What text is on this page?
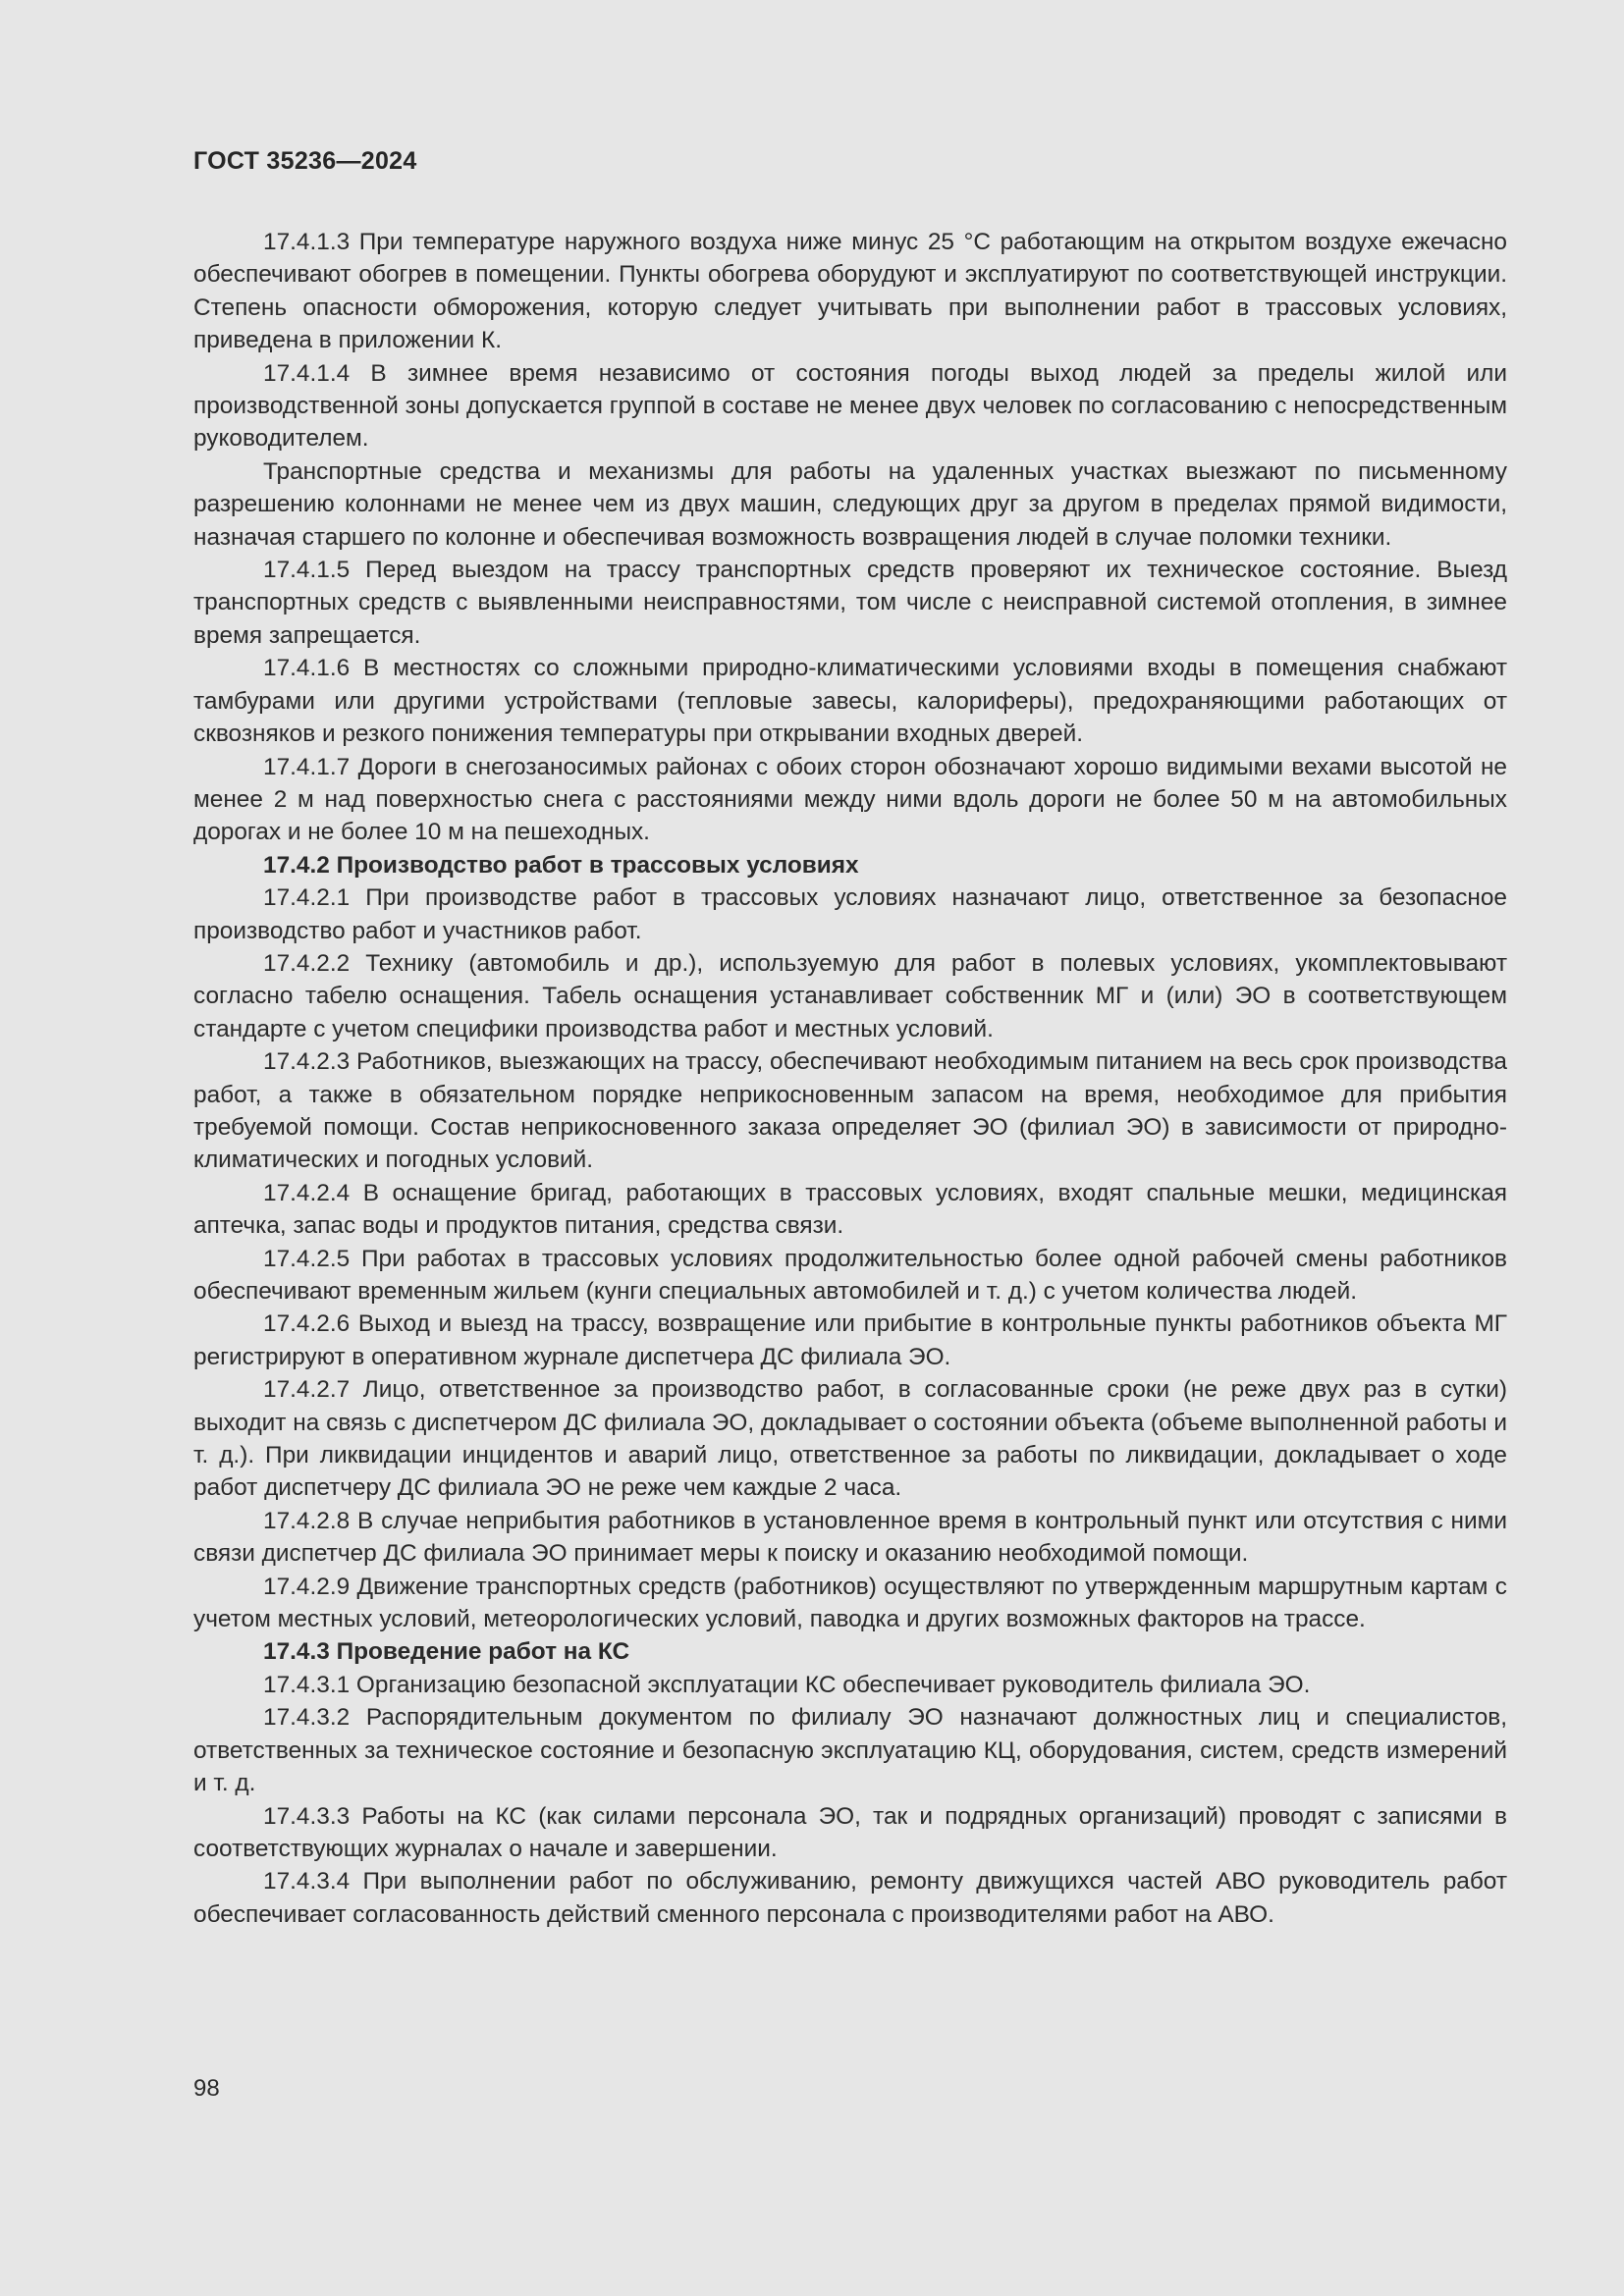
ГОСТ 35236—2024

17.4.1.3 При температуре наружного воздуха ниже минус 25 °С работающим на открытом воздухе ежечасно обеспечивают обогрев в помещении. Пункты обогрева оборудуют и эксплуатируют по соответствующей инструкции. Степень опасности обморожения, которую следует учитывать при выполнении работ в трассовых условиях, приведена в приложении К.

17.4.1.4 В зимнее время независимо от состояния погоды выход людей за пределы жилой или производственной зоны допускается группой в составе не менее двух человек по согласованию с непосредственным руководителем.

Транспортные средства и механизмы для работы на удаленных участках выезжают по письменному разрешению колоннами не менее чем из двух машин, следующих друг за другом в пределах прямой видимости, назначая старшего по колонне и обеспечивая возможность возвращения людей в случае поломки техники.

17.4.1.5 Перед выездом на трассу транспортных средств проверяют их техническое состояние. Выезд транспортных средств с выявленными неисправностями, том числе с неисправной системой отопления, в зимнее время запрещается.

17.4.1.6 В местностях со сложными природно-климатическими условиями входы в помещения снабжают тамбурами или другими устройствами (тепловые завесы, калориферы), предохраняющими работающих от сквозняков и резкого понижения температуры при открывании входных дверей.

17.4.1.7 Дороги в снегозаносимых районах с обоих сторон обозначают хорошо видимыми вехами высотой не менее 2 м над поверхностью снега с расстояниями между ними вдоль дороги не более 50 м на автомобильных дорогах и не более 10 м на пешеходных.

17.4.2 Производство работ в трассовых условиях

17.4.2.1 При производстве работ в трассовых условиях назначают лицо, ответственное за безопасное производство работ и участников работ.

17.4.2.2 Технику (автомобиль и др.), используемую для работ в полевых условиях, укомплектовывают согласно табелю оснащения. Табель оснащения устанавливает собственник МГ и (или) ЭО в соответствующем стандарте с учетом специфики производства работ и местных условий.

17.4.2.3 Работников, выезжающих на трассу, обеспечивают необходимым питанием на весь срок производства работ, а также в обязательном порядке неприкосновенным запасом на время, необходимое для прибытия требуемой помощи. Состав неприкосновенного заказа определяет ЭО (филиал ЭО) в зависимости от природно-климатических и погодных условий.

17.4.2.4 В оснащение бригад, работающих в трассовых условиях, входят спальные мешки, медицинская аптечка, запас воды и продуктов питания, средства связи.

17.4.2.5 При работах в трассовых условиях продолжительностью более одной рабочей смены работников обеспечивают временным жильем (кунги специальных автомобилей и т. д.) с учетом количества людей.

17.4.2.6 Выход и выезд на трассу, возвращение или прибытие в контрольные пункты работников объекта МГ регистрируют в оперативном журнале диспетчера ДС филиала ЭО.

17.4.2.7 Лицо, ответственное за производство работ, в согласованные сроки (не реже двух раз в сутки) выходит на связь с диспетчером ДС филиала ЭО, докладывает о состоянии объекта (объеме выполненной работы и т. д.). При ликвидации инцидентов и аварий лицо, ответственное за работы по ликвидации, докладывает о ходе работ диспетчеру ДС филиала ЭО не реже чем каждые 2 часа.

17.4.2.8 В случае неприбытия работников в установленное время в контрольный пункт или отсутствия с ними связи диспетчер ДС филиала ЭО принимает меры к поиску и оказанию необходимой помощи.

17.4.2.9 Движение транспортных средств (работников) осуществляют по утвержденным маршрутным картам с учетом местных условий, метеорологических условий, паводка и других возможных факторов на трассе.

17.4.3 Проведение работ на КС

17.4.3.1 Организацию безопасной эксплуатации КС обеспечивает руководитель филиала ЭО.

17.4.3.2 Распорядительным документом по филиалу ЭО назначают должностных лиц и специалистов, ответственных за техническое состояние и безопасную эксплуатацию КЦ, оборудования, систем, средств измерений и т. д.

17.4.3.3 Работы на КС (как силами персонала ЭО, так и подрядных организаций) проводят с записями в соответствующих журналах о начале и завершении.

17.4.3.4 При выполнении работ по обслуживанию, ремонту движущихся частей АВО руководитель работ обеспечивает согласованность действий сменного персонала с производителями работ на АВО.

98
